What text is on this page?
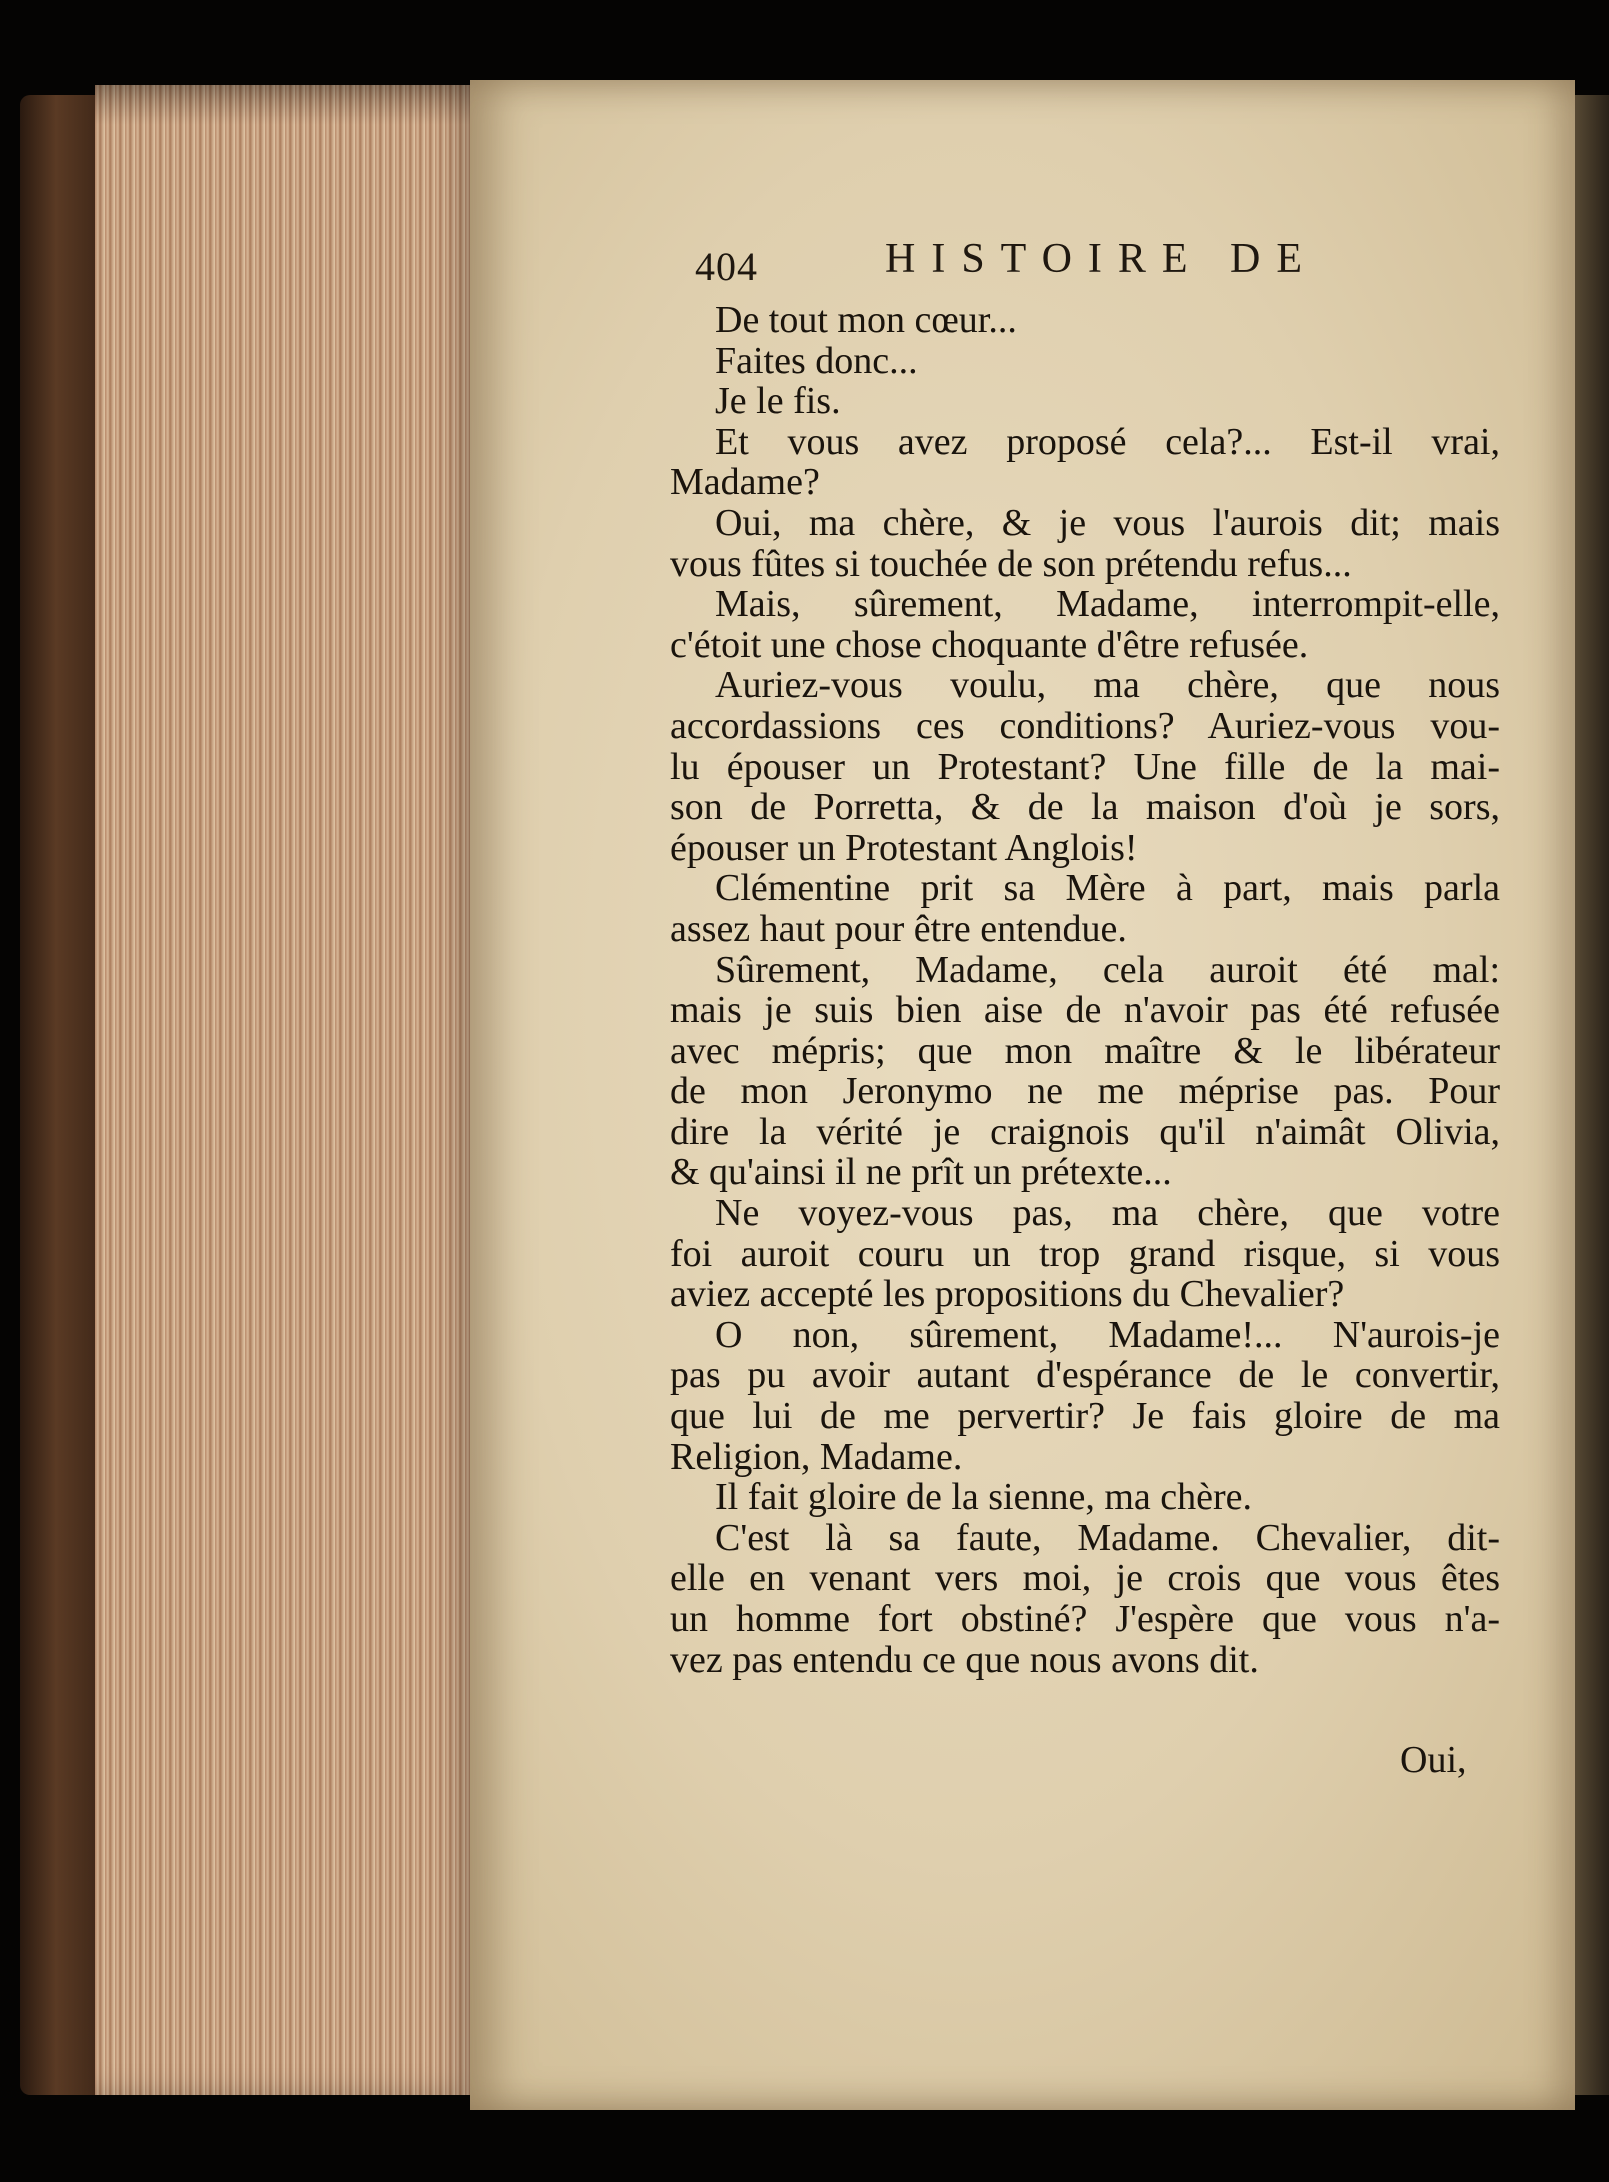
404	HISTOIRE DE
De tout mon cœur...
Faites donc...
Je le fis.
Et vous avez proposé cela?... Est-il vrai,
Madame?
Oui, ma chère, & je vous l'aurois dit; mais
vous fûtes si touchée de son prétendu refus...
Mais, sûrement, Madame, interrompit-elle,
c'étoit une chose choquante d'être refusée.
Auriez-vous voulu, ma chère, que nous
accordassions ces conditions? Auriez-vous vou-
lu épouser un Protestant? Une fille de la mai-
son de Porretta, & de la maison d'où je sors,
épouser un Protestant Anglois!
Clémentine prit sa Mère à part, mais parla
assez haut pour être entendue.
Sûrement, Madame, cela auroit été mal:
mais je suis bien aise de n'avoir pas été refusée
avec mépris; que mon maître & le libérateur
de mon Jeronymo ne me méprise pas. Pour
dire la vérité je craignois qu'il n'aimât Olivia,
& qu'ainsi il ne prît un prétexte...
Ne voyez-vous pas, ma chère, que votre
foi auroit couru un trop grand risque, si vous
aviez accepté les propositions du Chevalier?
O non, sûrement, Madame!... N'aurois-je
pas pu avoir autant d'espérance de le convertir,
que lui de me pervertir? Je fais gloire de ma
Religion, Madame.
Il fait gloire de la sienne, ma chère.
C'est là sa faute, Madame. Chevalier, dit-
elle en venant vers moi, je crois que vous êtes
un homme fort obstiné? J'espère que vous n'a-
vez pas entendu ce que nous avons dit.
Oui,
